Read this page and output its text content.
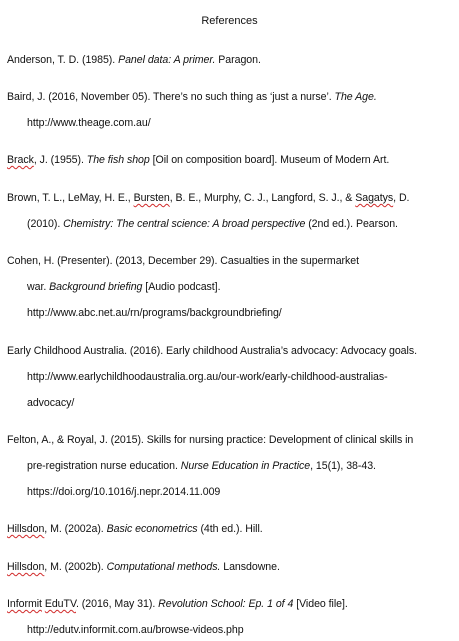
References
Anderson, T. D. (1985). Panel data: A primer. Paragon.
Baird, J. (2016, November 05). There’s no such thing as ‘just a nurse’. The Age.
http://www.theage.com.au/
Brack, J. (1955). The fish shop [Oil on composition board]. Museum of Modern Art.
Brown, T. L., LeMay, H. E., Bursten, B. E., Murphy, C. J., Langford, S. J., & Sagatys, D.
(2010). Chemistry: The central science: A broad perspective (2nd ed.). Pearson.
Cohen, H. (Presenter). (2013, December 29). Casualties in the supermarket
war. Background briefing [Audio podcast].
http://www.abc.net.au/rn/programs/backgroundbriefing/
Early Childhood Australia. (2016). Early childhood Australia’s advocacy: Advocacy goals.
http://www.earlychildhoodaustralia.org.au/our-work/early-childhood-australias-
advocacy/
Felton, A., & Royal, J. (2015). Skills for nursing practice: Development of clinical skills in
pre-registration nurse education. Nurse Education in Practice, 15(1), 38-43.
https://doi.org/10.1016/j.nepr.2014.11.009
Hillsdon, M. (2002a). Basic econometrics (4th ed.). Hill.
Hillsdon, M. (2002b). Computational methods. Lansdowne.
Informit EduTV. (2016, May 31). Revolution School: Ep. 1 of 4 [Video file].
http://edutv.informit.com.au/browse-videos.php
